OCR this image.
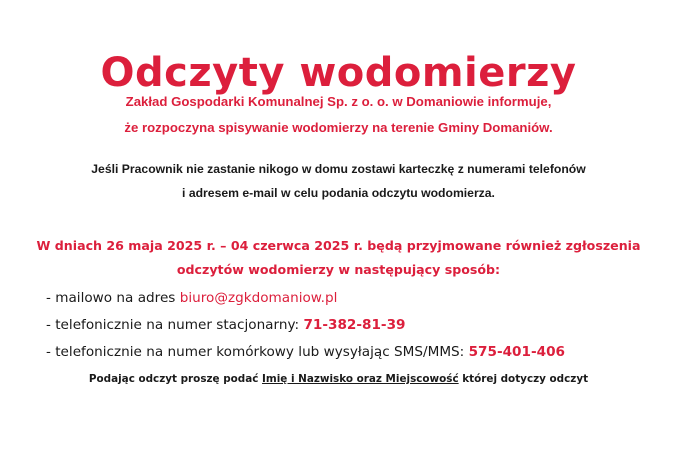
Odczyty wodomierzy
Zakład Gospodarki Komunalnej Sp. z o. o. w Domaniowie informuje,
że rozpoczyna spisywanie wodomierzy na terenie Gminy Domaniów.
Jeśli Pracownik nie zastanie nikogo w domu zostawi karteczkę z numerami telefonów
i adresem e-mail w celu podania odczytu wodomierza.
W dniach 26 maja 2025 r. – 04 czerwca 2025 r. będą przyjmowane również zgłoszenia
odczytów wodomierzy w następujący sposób:
- mailowo na adres biuro@zgkdomaniow.pl
- telefonicznie na numer stacjonarny: 71-382-81-39
- telefonicznie na numer komórkowy lub wysyłając SMS/MMS: 575-401-406
Podając odczyt proszę podać Imię i Nazwisko oraz Miejscowość której dotyczy odczyt
